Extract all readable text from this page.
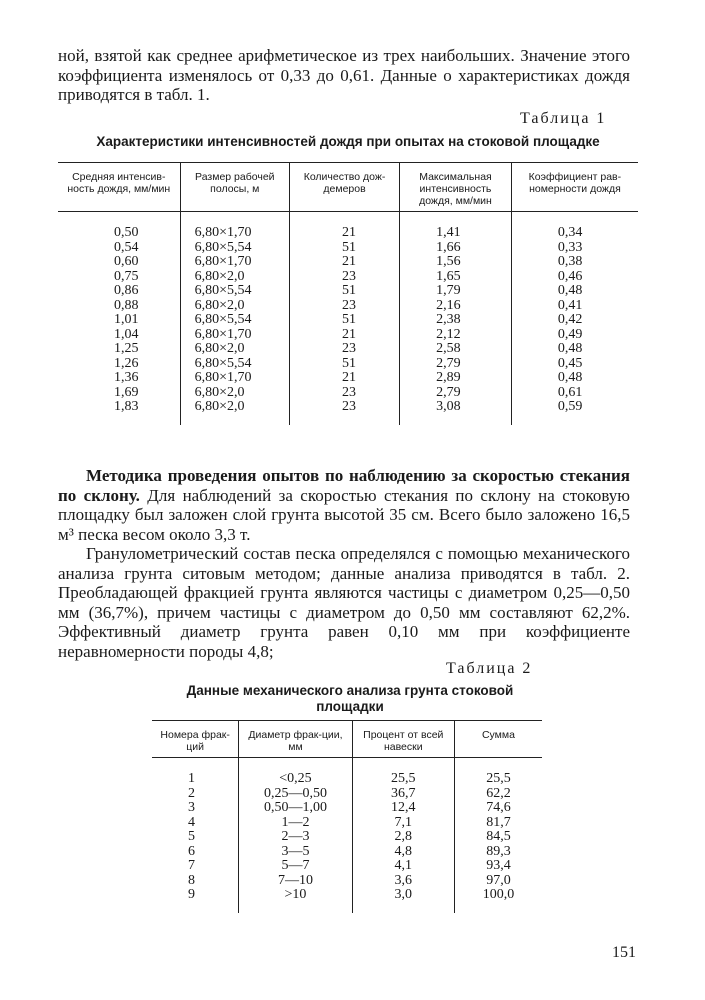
ной, взятой как среднее арифметическое из трех наибольших. Значение этого коэффициента изменялось от 0,33 до 0,61. Данные о характеристиках дождя приводятся в табл. 1.

Таблица 1
Характеристики интенсивностей дождя при опытах на стоковой площадке
Средняя интенсив-ность дождя, мм/мин	Размер рабочей полосы, м	Количество дож-демеров	Максимальная интенсивность дождя, мм/мин	Коэффициент рав-номерности дождя
0,50	6,80×1,70	21	1,41	0,34
0,54	6,80×5,54	51	1,66	0,33
0,60	6,80×1,70	21	1,56	0,38
0,75	6,80×2,0	23	1,65	0,46
0,86	6,80×5,54	51	1,79	0,48
0,88	6,80×2,0	23	2,16	0,41
1,01	6,80×5,54	51	2,38	0,42
1,04	6,80×1,70	21	2,12	0,49
1,25	6,80×2,0	23	2,58	0,48
1,26	6,80×5,54	51	2,79	0,45
1,36	6,80×1,70	21	2,89	0,48
1,69	6,80×2,0	23	2,79	0,61
1,83	6,80×2,0	23	3,08	0,59

Методика проведения опытов по наблюдению за скоростью стекания по склону. Для наблюдений за скоростью стекания по склону на стоковую площадку был заложен слой грунта высотой 35 см. Всего было заложено 16,5 м³ песка весом около 3,3 т.

Гранулометрический состав песка определялся с помощью механического анализа грунта ситовым методом; данные анализа приводятся в табл. 2. Преобладающей фракцией грунта являются частицы с диаметром 0,25—0,50 мм (36,7%), причем частицы с диаметром до 0,50 мм составляют 62,2%. Эффективный диаметр грунта равен 0,10 мм при коэффициенте неравномерности породы 4,8;

Таблица 2
Данные механического анализа грунта стоковой площадки
Номера фрак-ций	Диаметр фрак-ции, мм	Процент от всей навески	Сумма
1	<0,25	25,5	25,5
2	0,25—0,50	36,7	62,2
3	0,50—1,00	12,4	74,6
4	1—2	7,1	81,7
5	2—3	2,8	84,5
6	3—5	4,8	89,3
7	5—7	4,1	93,4
8	7—10	3,6	97,0
9	>10	3,0	100,0
151
